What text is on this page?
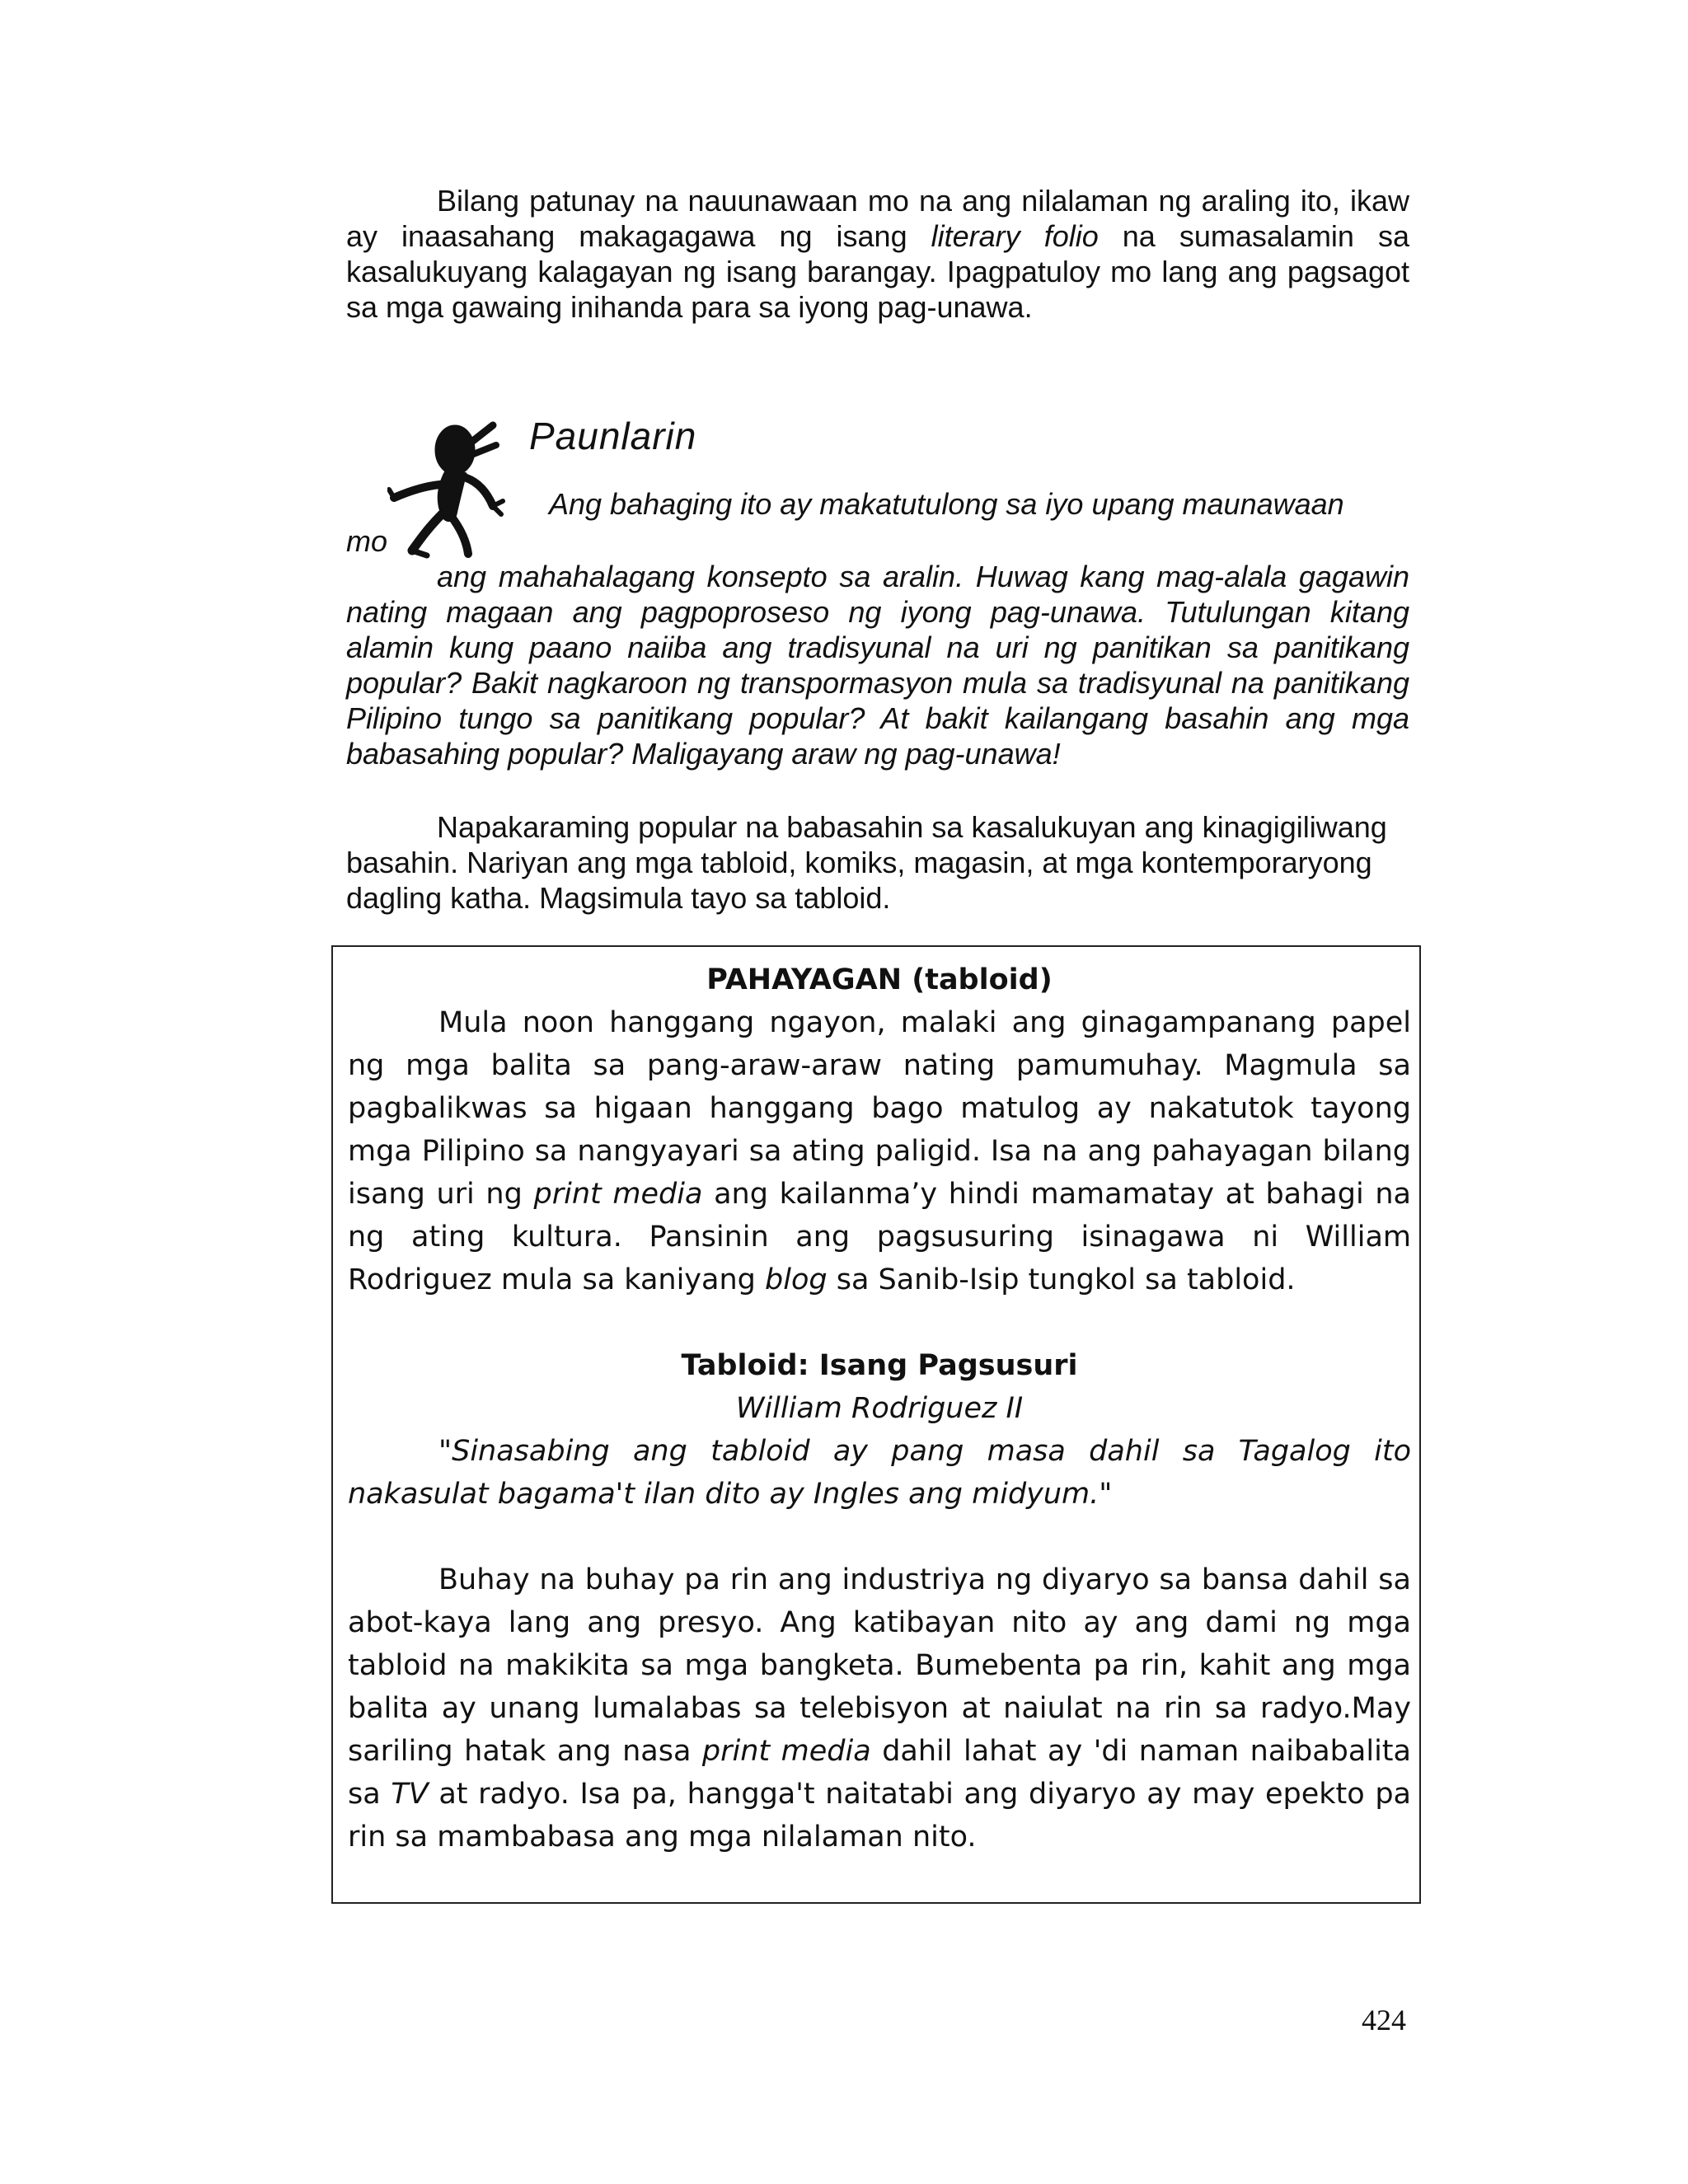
Bilang patunay na nauunawaan mo na ang nilalaman ng araling ito, ikaw ay inaasahang makagagawa ng isang literary folio na sumasalamin sa kasalukuyang kalagayan ng isang barangay. Ipagpatuloy mo lang ang pagsagot sa mga gawaing inihanda para sa iyong pag-unawa.

Paunlarin

Ang bahaging ito ay makatutulong sa iyo upang maunawaan

mo

ang mahahalagang konsepto sa aralin. Huwag kang mag-alala gagawin nating magaan ang pagpoproseso ng iyong pag-unawa. Tutulungan kitang alamin kung paano naiiba ang tradisyunal na uri ng panitikan sa panitikang popular? Bakit nagkaroon ng transpormasyon mula sa tradisyunal na panitikang Pilipino tungo sa panitikang popular? At bakit kailangang basahin ang mga babasahing popular? Maligayang araw ng pag-unawa!

Napakaraming popular na babasahin sa kasalukuyan ang kinagigiliwang basahin. Nariyan ang mga tabloid, komiks, magasin, at mga kontemporaryong dagling katha. Magsimula tayo sa tabloid.

PAHAYAGAN (tabloid)

Mula noon hanggang ngayon, malaki ang ginagampanang papel ng mga balita sa pang-araw-araw nating pamumuhay. Magmula sa pagbalikwas sa higaan hanggang bago matulog ay nakatutok tayong mga Pilipino sa nangyayari sa ating paligid. Isa na ang pahayagan bilang isang uri ng print media ang kailanma’y hindi mamamatay at bahagi na ng ating kultura. Pansinin ang pagsusuring isinagawa ni William Rodriguez mula sa kaniyang blog sa Sanib-Isip tungkol sa tabloid.

Tabloid: Isang Pagsusuri

William Rodriguez II

"Sinasabing ang tabloid ay pang masa dahil sa Tagalog ito nakasulat bagama't ilan dito ay Ingles ang midyum."

Buhay na buhay pa rin ang industriya ng diyaryo sa bansa dahil sa abot-kaya lang ang presyo. Ang katibayan nito ay ang dami ng mga tabloid na makikita sa mga bangketa. Bumebenta pa rin, kahit ang mga balita ay unang lumalabas sa telebisyon at naiulat na rin sa radyo.May sariling hatak ang nasa print media dahil lahat ay 'di naman naibabalita sa TV at radyo. Isa pa, hangga't naitatabi ang diyaryo ay may epekto pa rin sa mambabasa ang mga nilalaman nito.

424
